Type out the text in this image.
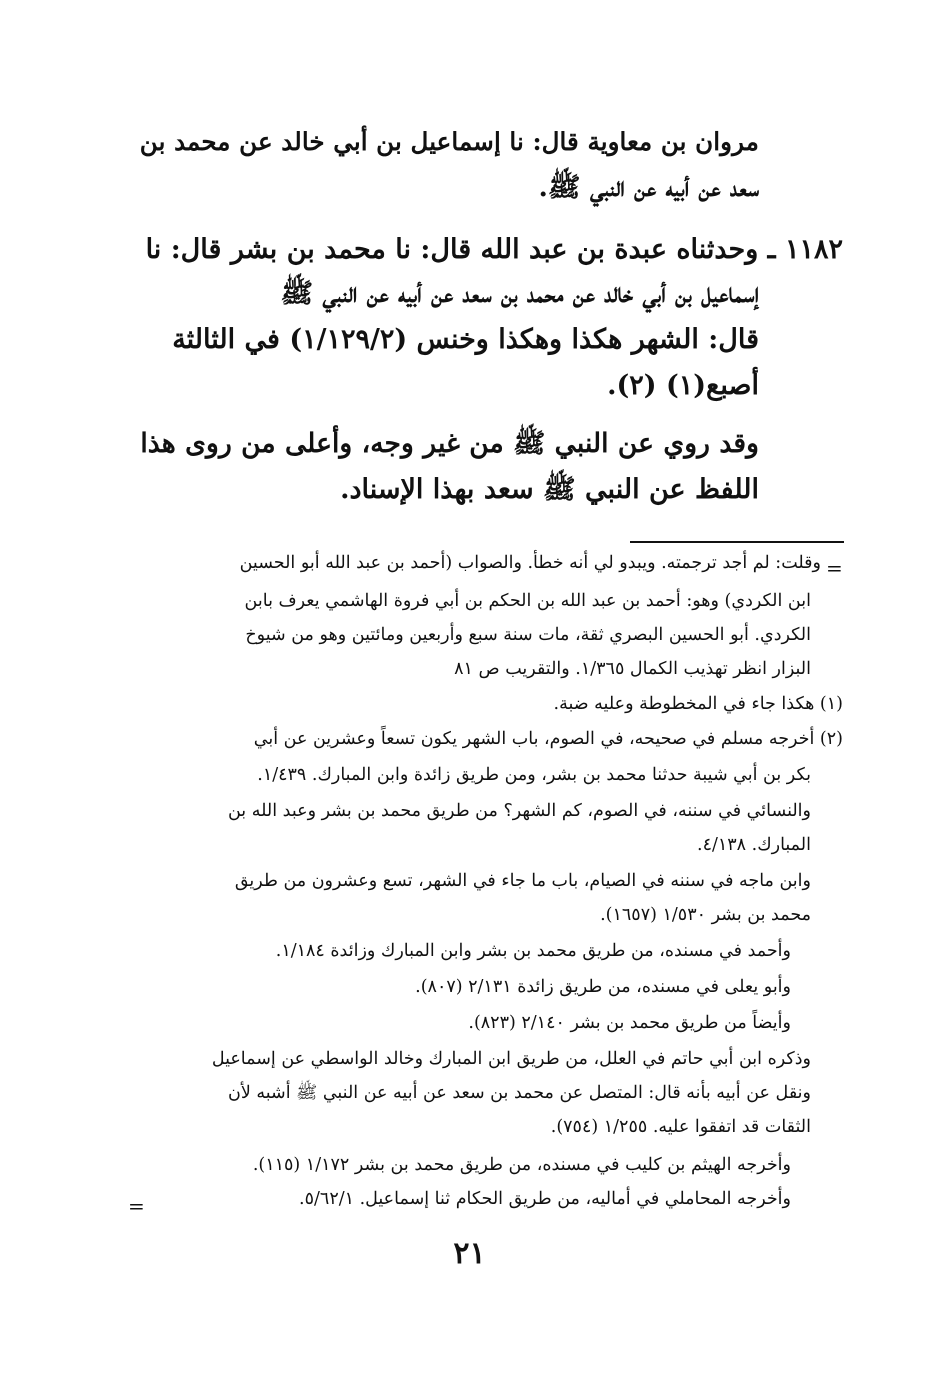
مروان بن معاوية قال: نا إسماعيل بن أبي خالد عن محمد بن
سعد عن أبيه عن النبي ﷺ.
١١٨٢ ـ وحدثناه عبدة بن عبد الله قال: نا محمد بن بشر قال: نا
إسماعيل بن أبي خالد عن محمد بن سعد عن أبيه عن النبي ﷺ
قال: الشهر هكذا وهكذا وخنس (١/١٢٩/٢) في الثالثة
أصبع(١) (٢).
وقد روي عن النبي ﷺ من غير وجه، وأعلى من روى هذا
اللفظ عن النبي ﷺ سعد بهذا الإسناد.
=
وقلت: لم أجد ترجمته. ويبدو لي أنه خطأ. والصواب (أحمد بن عبد الله أبو الحسين
ابن الكردي) وهو: أحمد بن عبد الله بن الحكم بن أبي فروة الهاشمي يعرف بابن
الكردي. أبو الحسين البصري ثقة، مات سنة سبع وأربعين ومائتين وهو من شيوخ
البزار انظر تهذيب الكمال ١/٣٦٥. والتقريب ص ٨١
(١) هكذا جاء في المخطوطة وعليه ضبة.
(٢) أخرجه مسلم في صحيحه، في الصوم، باب الشهر يكون تسعاً وعشرين عن أبي
بكر بن أبي شيبة حدثنا محمد بن بشر، ومن طريق زائدة وابن المبارك. ١/٤٣٩.
والنسائي في سننه، في الصوم، كم الشهر؟ من طريق محمد بن بشر وعبد الله بن
المبارك. ٤/١٣٨.
وابن ماجه في سننه في الصيام، باب ما جاء في الشهر، تسع وعشرون من طريق
محمد بن بشر ١/٥٣٠ (١٦٥٧).
وأحمد في مسنده، من طريق محمد بن بشر وابن المبارك وزائدة ١/١٨٤.
وأبو يعلى في مسنده، من طريق زائدة ٢/١٣١ (٨٠٧).
وأيضاً من طريق محمد بن بشر ٢/١٤٠ (٨٢٣).
وذكره ابن أبي حاتم في العلل، من طريق ابن المبارك وخالد الواسطي عن إسماعيل
ونقل عن أبيه بأنه قال: المتصل عن محمد بن سعد عن أبيه عن النبي ﷺ أشبه لأن
الثقات قد اتفقوا عليه. ١/٢٥٥ (٧٥٤).
وأخرجه الهيثم بن كليب في مسنده، من طريق محمد بن بشر ١/١٧٢ (١١٥).
وأخرجه المحاملي في أماليه، من طريق الحكام ثنا إسماعيل. ٥/٦٢/١.
=
٢١
